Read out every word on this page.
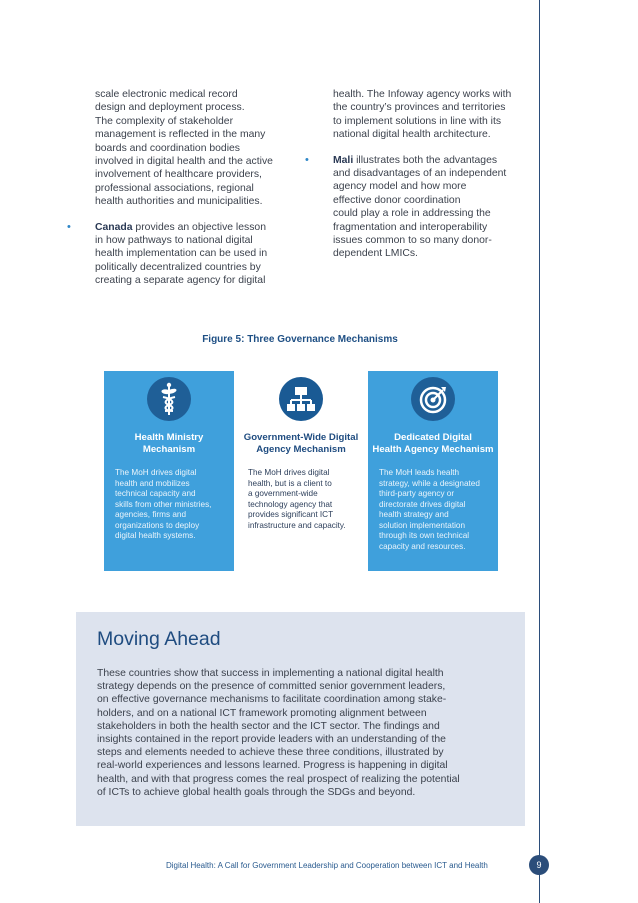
scale electronic medical record
design and deployment process.
The complexity of stakeholder
management is reflected in the many
boards and coordination bodies
involved in digital health and the active
involvement of healthcare providers,
professional associations, regional
health authorities and municipalities.

• Canada provides an objective lesson
in how pathways to national digital
health implementation can be used in
politically decentralized countries by
creating a separate agency for digital

health. The Infoway agency works with
the country’s provinces and territories
to implement solutions in line with its
national digital health architecture.

• Mali illustrates both the advantages
and disadvantages of an independent
agency model and how more
effective donor coordination
could play a role in addressing the
fragmentation and interoperability
issues common to so many donor-
dependent LMICs.

Figure 5: Three Governance Mechanisms
Health Ministry
Mechanism
The MoH drives digital
health and mobilizes
technical capacity and
skills from other ministries,
agencies, firms and
organizations to deploy
digital health systems.
Government-Wide Digital
Agency Mechanism
The MoH drives digital
health, but is a client to
a government-wide
technology agency that
provides significant ICT
infrastructure and capacity.
Dedicated Digital
Health Agency Mechanism
The MoH leads health
strategy, while a designated
third-party agency or
directorate drives digital
health strategy and
solution implementation
through its own technical
capacity and resources.
Moving Ahead
These countries show that success in implementing a national digital health
strategy depends on the presence of committed senior government leaders,
on effective governance mechanisms to facilitate coordination among stake-
holders, and on a national ICT framework promoting alignment between
stakeholders in both the health sector and the ICT sector. The findings and
insights contained in the report provide leaders with an understanding of the
steps and elements needed to achieve these three conditions, illustrated by
real-world experiences and lessons learned. Progress is happening in digital
health, and with that progress comes the real prospect of realizing the potential
of ICTs to achieve global health goals through the SDGs and beyond.
Digital Health: A Call for Government Leadership and Cooperation between ICT and Health	9
